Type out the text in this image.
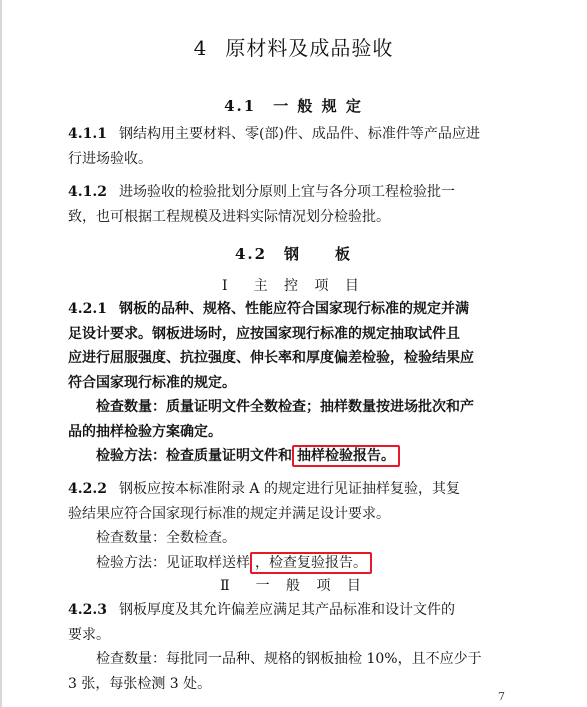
4 原材料及成品验收
4.1　一 般 规 定
4.1.1 钢结构用主要材料、零(部)件、成品件、标准件等产品应进
行进场验收。
4.1.2 进场验收的检验批划分原则上宜与各分项工程检验批一
致，也可根据工程规模及进料实际情况划分检验批。
4.2　钢　　板
Ⅰ　主 控 项 目
4.2.1 钢板的品种、规格、性能应符合国家现行标准的规定并满
足设计要求。钢板进场时，应按国家现行标准的规定抽取试件且
应进行屈服强度、抗拉强度、伸长率和厚度偏差检验，检验结果应
符合国家现行标准的规定。
检查数量：质量证明文件全数检查；抽样数量按进场批次和产
品的抽样检验方案确定。
检验方法：检查质量证明文件和 抽样检验报告。
4.2.2 钢板应按本标准附录 A 的规定进行见证抽样复验，其复
验结果应符合国家现行标准的规定并满足设计要求。
检查数量：全数检查。
检验方法：见证取样送样 ，检查复验报告。
Ⅱ　一 般 项 目
4.2.3 钢板厚度及其允许偏差应满足其产品标准和设计文件的
要求。
检查数量：每批同一品种、规格的钢板抽检 10%，且不应少于
3 张，每张检测 3 处。
7
